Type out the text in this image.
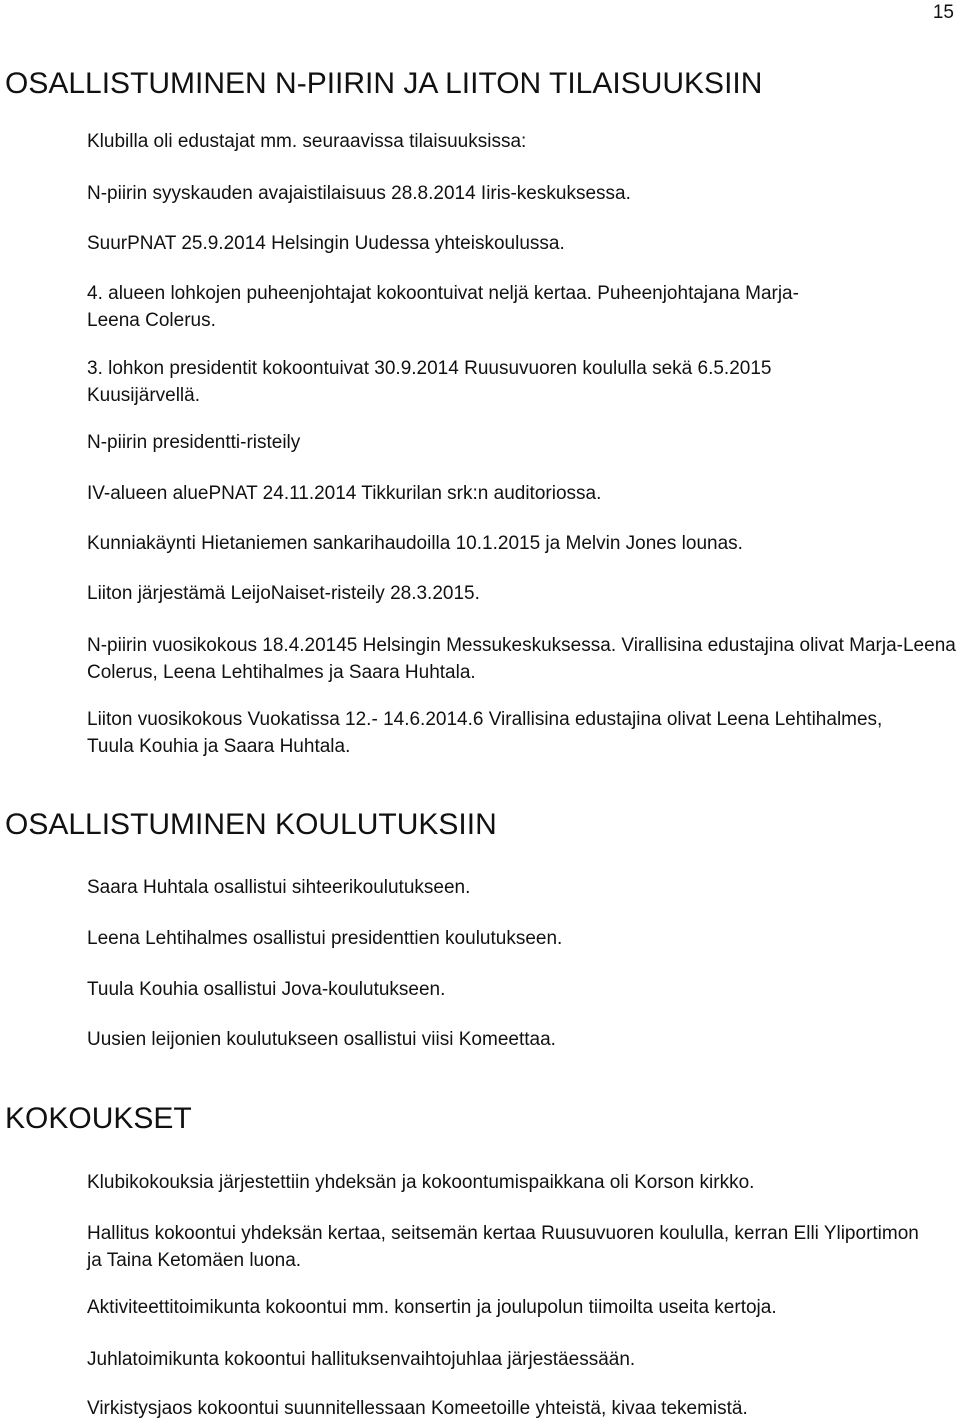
15
OSALLISTUMINEN N-PIIRIN JA LIITON TILAISUUKSIIN

Klubilla oli edustajat mm. seuraavissa tilaisuuksissa:

N-piirin syyskauden avajaistilaisuus 28.8.2014 Iiris-keskuksessa.

SuurPNAT 25.9.2014 Helsingin Uudessa yhteiskoulussa.

4. alueen lohkojen puheenjohtajat kokoontuivat neljä kertaa. Puheenjohtajana Marja-Leena Colerus.

3. lohkon presidentit kokoontuivat 30.9.2014 Ruusuvuoren koululla sekä 6.5.2015 Kuusijärvellä.

N-piirin presidentti-risteily

IV-alueen aluePNAT 24.11.2014 Tikkurilan srk:n auditoriossa.

Kunniakäynti Hietaniemen sankarihaudoilla 10.1.2015 ja Melvin Jones lounas.

Liiton järjestämä LeijoNaiset-risteily 28.3.2015.

N-piirin vuosikokous 18.4.20145 Helsingin Messukeskuksessa. Virallisina edustajina olivat Marja-Leena Colerus, Leena Lehtihalmes ja Saara Huhtala.

Liiton vuosikokous Vuokatissa 12.- 14.6.2014.6 Virallisina edustajina olivat Leena Lehtihalmes, Tuula Kouhia ja Saara Huhtala.

OSALLISTUMINEN KOULUTUKSIIN

Saara Huhtala osallistui sihteerikoulutukseen.

Leena Lehtihalmes osallistui presidenttien koulutukseen.

Tuula Kouhia osallistui Jova-koulutukseen.

Uusien leijonien koulutukseen osallistui viisi Komeettaa.

KOKOUKSET

Klubikokouksia järjestettiin yhdeksän ja kokoontumispaikkana oli Korson kirkko.

Hallitus kokoontui yhdeksän kertaa, seitsemän kertaa Ruusuvuoren koululla, kerran Elli Yliportimon ja Taina Ketomäen luona.

Aktiviteettitoimikunta kokoontui mm. konsertin ja joulupolun tiimoilta useita kertoja.

Juhlatoimikunta kokoontui hallituksenvaihtojuhlaa järjestäessään.

Virkistysjaos kokoontui suunnitellessaan Komeetoille yhteistä, kivaa tekemistä.
